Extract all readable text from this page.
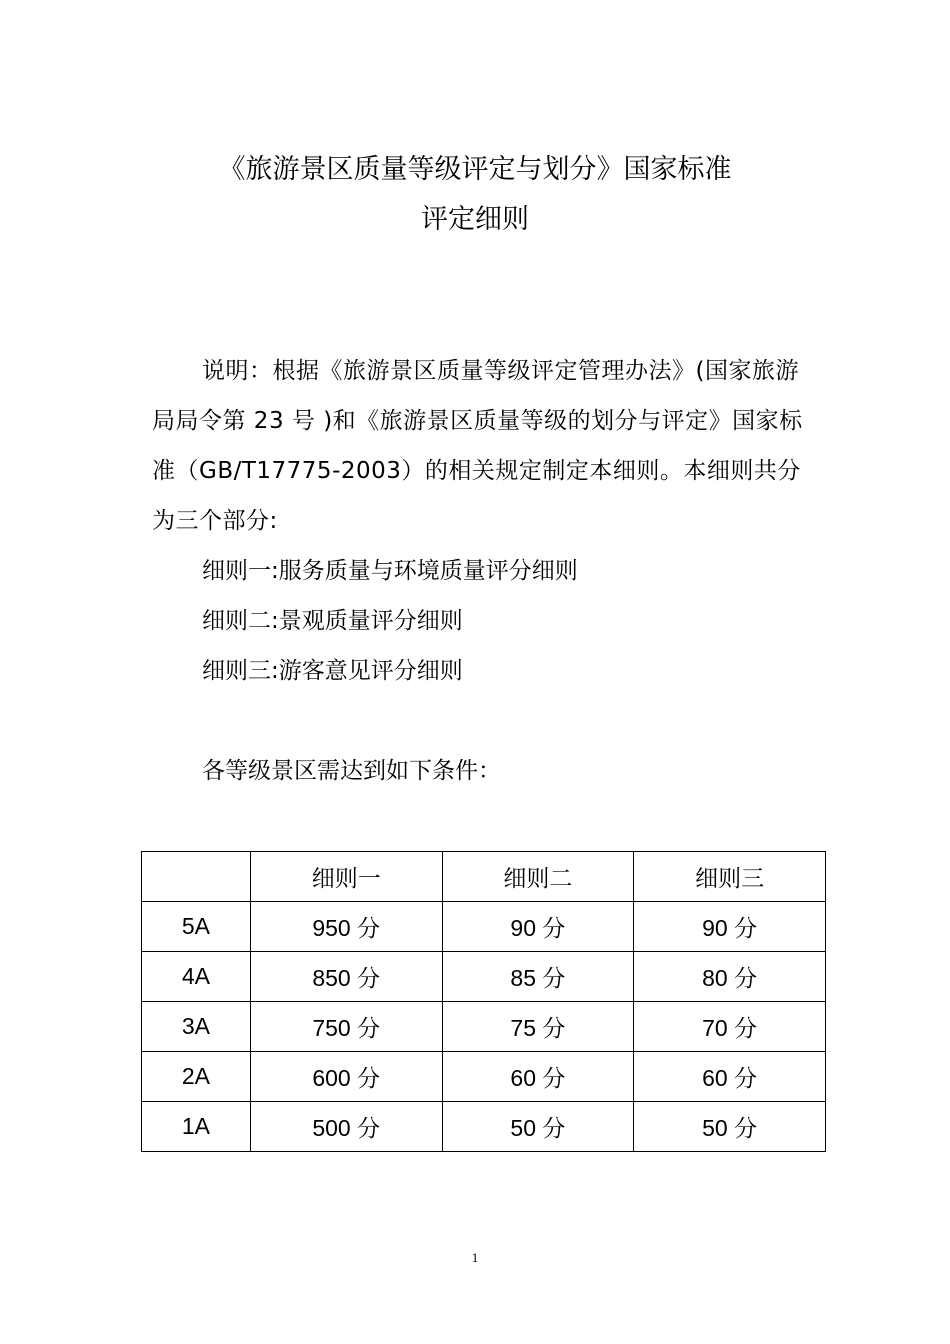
《旅游景区质量等级评定与划分》国家标准
评定细则

说明：根据《旅游景区质量等级评定管理办法》(国家旅游局局令第 23 号 )和《旅游景区质量等级的划分与评定》国家标准（GB/T17775-2003）的相关规定制定本细则。本细则共分为三个部分:

细则一:服务质量与环境质量评分细则

细则二:景观质量评分细则

细则三:游客意见评分细则

各等级景区需达到如下条件：

	细则一	细则二	细则三
5A	950 分	90 分	90 分
4A	850 分	85 分	80 分
3A	750 分	75 分	70 分
2A	600 分	60 分	60 分
1A	500 分	50 分	50 分
1
